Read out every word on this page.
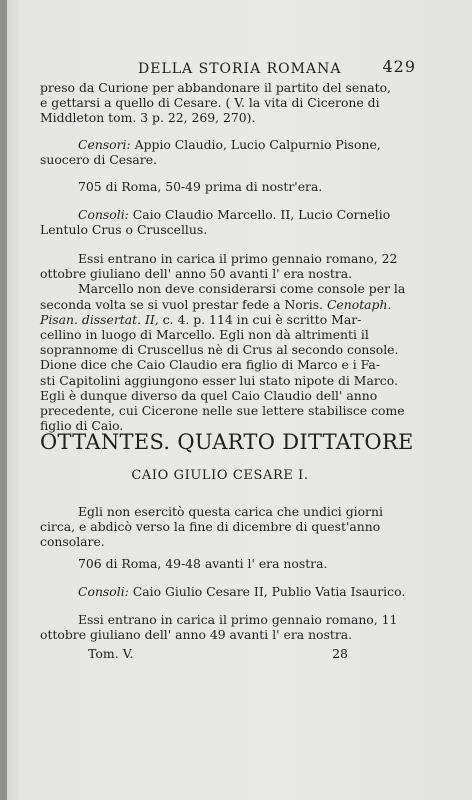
DELLA STORIA ROMANA	429
preso da Curione per abbandonare il partito del senato,
e gettarsi a quello di Cesare. ( V. la vita di Cicerone di
Middleton tom. 3 p. 22, 269, 270).
Censori: Appio Claudio, Lucio Calpurnio Pisone,
suocero di Cesare.
705 di Roma, 50-49 prima di nostr'era.
Consoli: Caio Claudio Marcello. II, Lucio Cornelio
Lentulo Crus o Cruscellus.
Essi entrano in carica il primo gennaio romano, 22
ottobre giuliano dell' anno 50 avanti l' era nostra.
Marcello non deve considerarsi come console per la
seconda volta se si vuol prestar fede a Noris. Cenotaph.
Pisan. dissertat. II, c. 4. p. 114 in cui è scritto Mar-
cellino in luogo di Marcello. Egli non dà altrimenti il
soprannome di Cruscellus nè di Crus al secondo console.
Dione dice che Caio Claudio era figlio di Marco e i Fa-
sti Capitolini aggiungono esser lui stato nipote di Marco.
Egli è dunque diverso da quel Caio Claudio dell' anno
precedente, cui Cicerone nelle sue lettere stabilisce come
figlio di Caio.
OTTANTES. QUARTO DITTATORE
CAIO GIULIO CESARE I.
Egli non esercitò questa carica che undici giorni
circa, e abdicò verso la fine di dicembre di quest'anno
consolare.
706 di Roma, 49-48 avanti l' era nostra.
Consoli: Caio Giulio Cesare II, Publio Vatia Isaurico.
Essi entrano in carica il primo gennaio romano, 11
ottobre giuliano dell' anno 49 avanti l' era nostra.
Tom. V.	28
